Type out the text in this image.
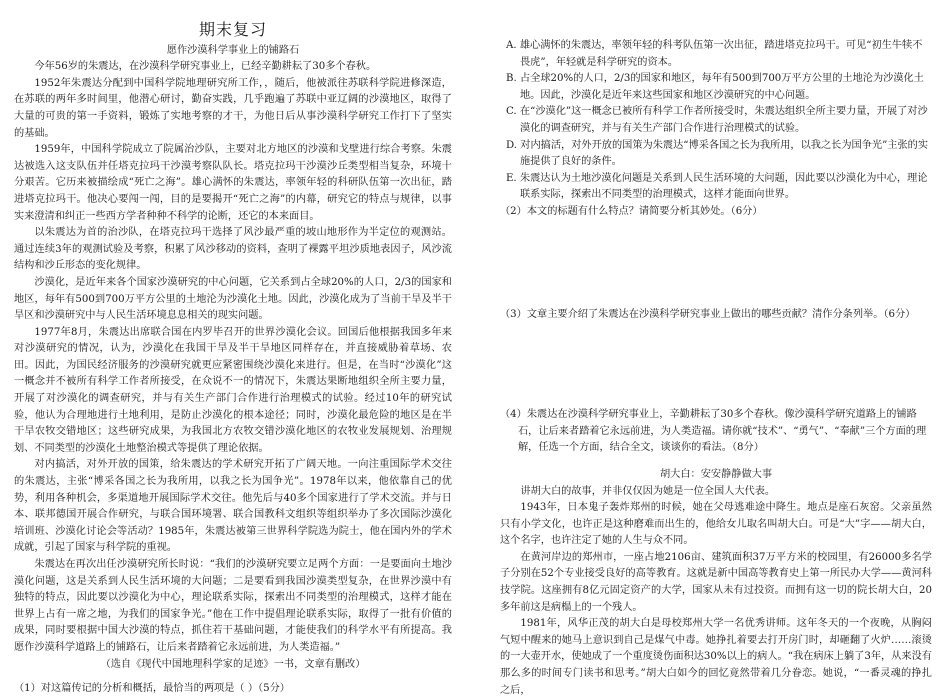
期末复习

愿作沙漠科学事业上的铺路石

今年56岁的朱震达，在沙漠科学研究事业上，已经辛勤耕耘了30多个春秋。

1952年朱震达分配到中国科学院地理研究所工作，，随后，他被派往苏联科学院进修深造，在苏联的两年多时间里，他潜心研讨，勤奋实践，几乎跑遍了苏联中亚辽阔的沙漠地区，取得了大量的可贵的第一手资料，锻炼了实地考察的才干，为他日后从事沙漠科学研究工作打下了坚实的基础。

1959年，中国科学院成立了院属治沙队，主要对北方地区的沙漠和戈壁进行综合考察。朱震达被选入这支队伍并任塔克拉玛干沙漠考察队队长。塔克拉玛干沙漠沙丘类型相当复杂，环境十分艰苦。它历来被描绘成“死亡之海”。雄心满怀的朱震达，率领年轻的科研队伍第一次出征，踏进塔克拉玛干。他决心要闯一闯，目的是要揭开“死亡之海”的内幕，研究它的特点与规律，以事实来澄清和纠正一些西方学者种种不科学的论断，还它的本来面目。

以朱震达为首的治沙队，在塔克拉玛干选择了风沙最严重的坡山地形作为半定位的观测站。通过连续3年的观测试验及考察，积累了风沙移动的资料，查明了裸露平坦沙质地表因子，风沙流结构和沙丘形态的变化规律。

沙漠化，是近年来各个国家沙漠研究的中心问题，它关系到占全球20%的人口，2/3的国家和地区，每年有500到700万平方公里的土地沦为沙漠化土地。因此，沙漠化成为了当前干旱及半干旱区和沙漠研究中与人民生活环境息息相关的现实问题。

1977年8月，朱震达出席联合国在内罗毕召开的世界沙漠化会议。回国后他根据我国多年来对沙漠研究的情况，认为，沙漠化在我国干旱及半干旱地区同样存在，并直接威胁着草场、农田。因此，为国民经济服务的沙漠研究就更应紧密围绕沙漠化来进行。但是，在当时“沙漠化”这一概念并不被所有科学工作者所接受，在众说不一的情况下，朱震达果断地组织全所主要力量，开展了对沙漠化的调查研究，并与有关生产部门合作进行治理模式的试验。经过10年的研究试验，他认为合理地进行土地利用，是防止沙漠化的根本途径；同时，沙漠化最危险的地区是在半干旱农牧交错地区；这些研究成果，为我国北方农牧交错沙漠化地区的农牧业发展规划、治理规划、不同类型的沙漠化土地整治模式等提供了理论依据。

对内搞活，对外开放的国策，给朱震达的学术研究开拓了广阔天地。一向注重国际学术交往的朱震达，主张“博采各国之长为我所用，以我之长为国争光”。1978年以来，他依靠自己的优势，利用各种机会，多渠道地开展国际学术交往。他先后与40多个国家进行了学术交流。并与日本、联邦德国开展合作研究，与联合国环境署、联合国教科文组织等组织举办了多次国际沙漠化培训班、沙漠化讨论会等活动？1985年，朱震达被第三世界科学院选为院士，他在国内外的学术成就，引起了国家与科学院的重视。

朱震达在再次出任沙漠研究所长时说：“我们的沙漠研究要立足两个方面：一是要面向土地沙漠化问题，这是关系到人民生活环境的大问题；二是要看到我国沙漠类型复杂，在世界沙漠中有独特的特点，因此要以沙漠化为中心，理论联系实际，探索出不同类型的治理模式，这样才能在世界上占有一席之地，为我们的国家争光。”他在工作中提倡理论联系实际，取得了一批有价值的成果，同时要根据中国大沙漠的特点，抓住若干基础问题，才能使我们的科学水平有所提高。我愿作沙漠科学道路上的铺路石，让后来者踏着它永远前进，为人类造福。”

（选自《现代中国地理科学家的足迹》一书，文章有删改）

（1）对这篇传记的分析和概括，最恰当的两项是（ ）（5分）

A. 雄心满怀的朱震达，率领年轻的科考队伍第一次出征，踏进塔克拉玛干。可见“初生牛犊不畏虎”，年轻就是科学研究的资本。

B. 占全球20%的人口，2/3的国家和地区，每年有500到700万平方公里的土地沦为沙漠化土地。因此，沙漠化是近年来这些国家和地区沙漠研究的中心问题。

C. 在“沙漠化”这一概念已被所有科学工作者所接受时，朱震达组织全所主要力量，开展了对沙漠化的调查研究，并与有关生产部门合作进行治理模式的试验。

D. 对内搞活，对外开放的国策为朱震达“博采各国之长为我所用，以我之长为国争光”主张的实施提供了良好的条件。

E. 朱震达认为土地沙漠化问题是关系到人民生活环境的大问题，因此要以沙漠化为中心，理论联系实际，探索出不同类型的治理模式，这样才能面向世界。

（2）本文的标题有什么特点？请简要分析其妙处。（6分）

（3）文章主要介绍了朱震达在沙漠科学研究事业上做出的哪些贡献？清作分条列举。（6分）

（4）朱震达在沙漠科学研究事业上，辛勤耕耘了30多个春秋。像沙漠科学研究道路上的铺路石，让后来者踏着它永远前进，为人类造福。请你就“技术”、“勇气”、“奉献”三个方面的理解，任选一个方面，结合全文，谈谈你的看法。（8分）

胡大白：安安静静做大事

讲胡大白的故事，并非仅仅因为她是一位全国人大代表。

1943年，日本鬼子轰炸郑州的时候，她在父母逃难途中降生。地点是座石灰窑。父亲虽然只有小学文化，也许正是这种磨难而出生的，他给女儿取名叫胡大白。可是“大”字——胡大白，这个名字，也许注定了她的人生与众不同。

在黄河岸边的郑州市，一座占地2106亩、建筑面积37万平方米的校园里，有26000多名学子分别在52个专业接受良好的高等教育。这就是新中国高等教育史上第一所民办大学——黄河科技学院。这座拥有8亿元固定资产的大学，国家从未有过投资。而拥有这一切的院长胡大白，20多年前这是病榻上的一个残人。

1981年，风华正茂的胡大白是母校郑州大学一名优秀讲师。这年冬天的一个夜晚，从胸闷气短中醒来的她马上意识到自己是煤气中毒。她挣扎着要去打开房门时，却砸翻了火炉……滚烫的一大壶开水，使她成了一个重度烫伤面积达30%以上的病人。“我在病床上躺了3年，从来没有那么多的时间专门读书和思考。”胡大白如今的回忆竟然带着几分眷恋。她说，“一番灵魂的挣扎之后，
